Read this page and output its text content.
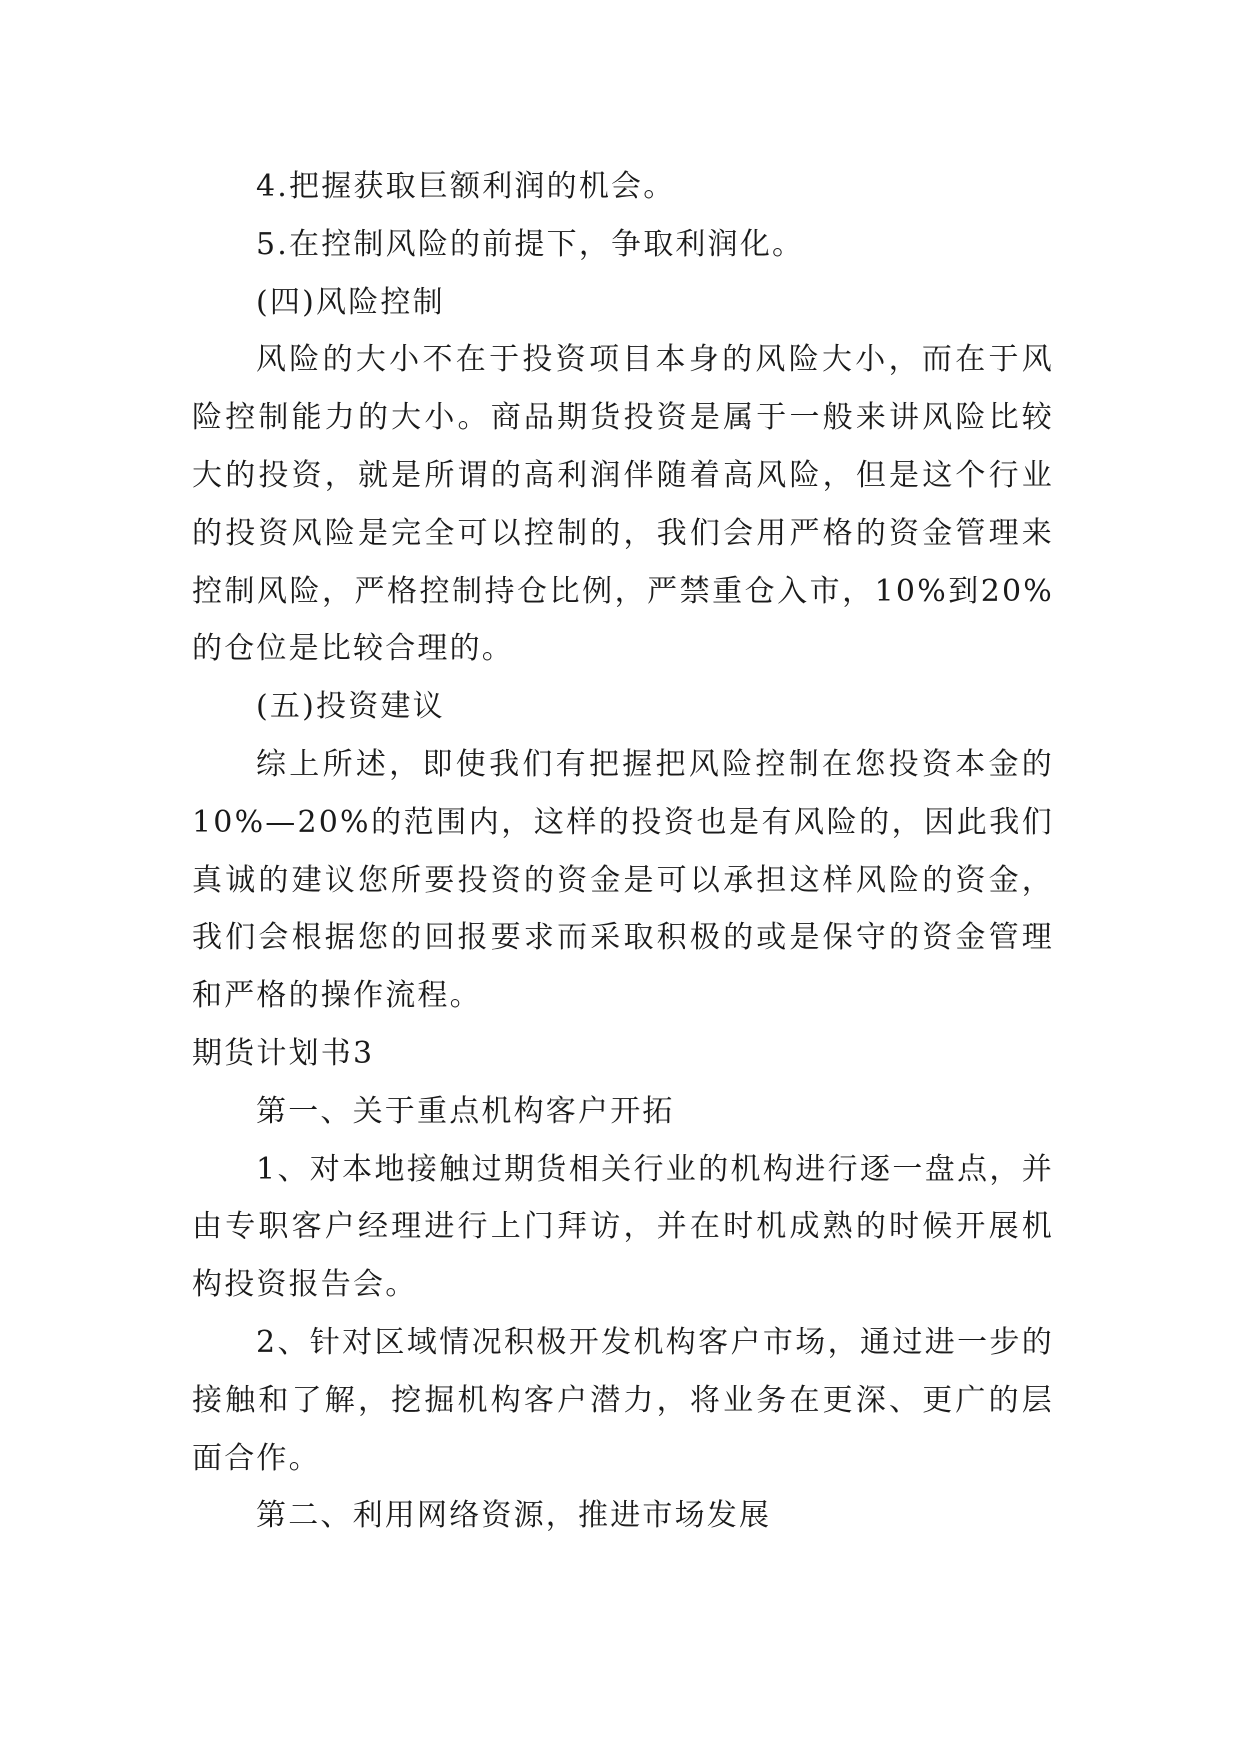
4.把握获取巨额利润的机会。

5.在控制风险的前提下，争取利润化。

(四)风险控制

风险的大小不在于投资项目本身的风险大小，而在于风险控制能力的大小。商品期货投资是属于一般来讲风险比较大的投资，就是所谓的高利润伴随着高风险，但是这个行业的投资风险是完全可以控制的，我们会用严格的资金管理来控制风险，严格控制持仓比例，严禁重仓入市，10%到20%的仓位是比较合理的。

(五)投资建议

综上所述，即使我们有把握把风险控制在您投资本金的10%—20%的范围内，这样的投资也是有风险的，因此我们真诚的建议您所要投资的资金是可以承担这样风险的资金，我们会根据您的回报要求而采取积极的或是保守的资金管理和严格的操作流程。

期货计划书3

第一、关于重点机构客户开拓

1、对本地接触过期货相关行业的机构进行逐一盘点，并由专职客户经理进行上门拜访，并在时机成熟的时候开展机构投资报告会。

2、针对区域情况积极开发机构客户市场，通过进一步的接触和了解，挖掘机构客户潜力，将业务在更深、更广的层面合作。

第二、利用网络资源，推进市场发展
